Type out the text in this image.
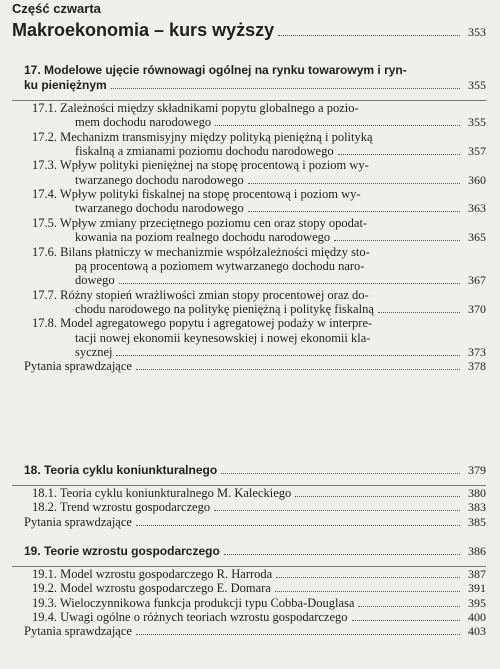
Część czwarta
Makroekonomia – kurs wyższy	353
17. Modelowe ujęcie równowagi ogólnej na rynku towarowym i ryn-
ku pieniężnym	355
17.1. Zależności między składnikami popytu globalnego a pozio-
mem dochodu narodowego	355
17.2. Mechanizm transmisyjny między polityką pieniężną i polityką
fiskalną a zmianami poziomu dochodu narodowego	357
17.3. Wpływ polityki pieniężnej na stopę procentową i poziom wy-
twarzanego dochodu narodowego	360
17.4. Wpływ polityki fiskalnej na stopę procentową i poziom wy-
twarzanego dochodu narodowego	363
17.5. Wpływ zmiany przeciętnego poziomu cen oraz stopy opodat-
kowania na poziom realnego dochodu narodowego	365
17.6. Bilans płatniczy w mechanizmie współzależności między sto-
pą procentową a poziomem wytwarzanego dochodu naro-
dowego	367
17.7. Różny stopień wrażliwości zmian stopy procentowej oraz do-
chodu narodowego na politykę pieniężną i politykę fiskalną	370
17.8. Model agregatowego popytu i agregatowej podaży w interpre-
tacji nowej ekonomii keynesowskiej i nowej ekonomii kla-
sycznej	373
Pytania sprawdzające	378
18. Teoria cyklu koniunkturalnego	379
18.1. Teoria cyklu koniunkturalnego M. Kaleckiego	380
18.2. Trend wzrostu gospodarczego	383
Pytania sprawdzające	385
19. Teorie wzrostu gospodarczego	386
19.1. Model wzrostu gospodarczego R. Harroda	387
19.2. Model wzrostu gospodarczego E. Domara	391
19.3. Wieloczynnikowa funkcja produkcji typu Cobba-Douglasa	395
19.4. Uwagi ogólne o różnych teoriach wzrostu gospodarczego	400
Pytania sprawdzające	403
